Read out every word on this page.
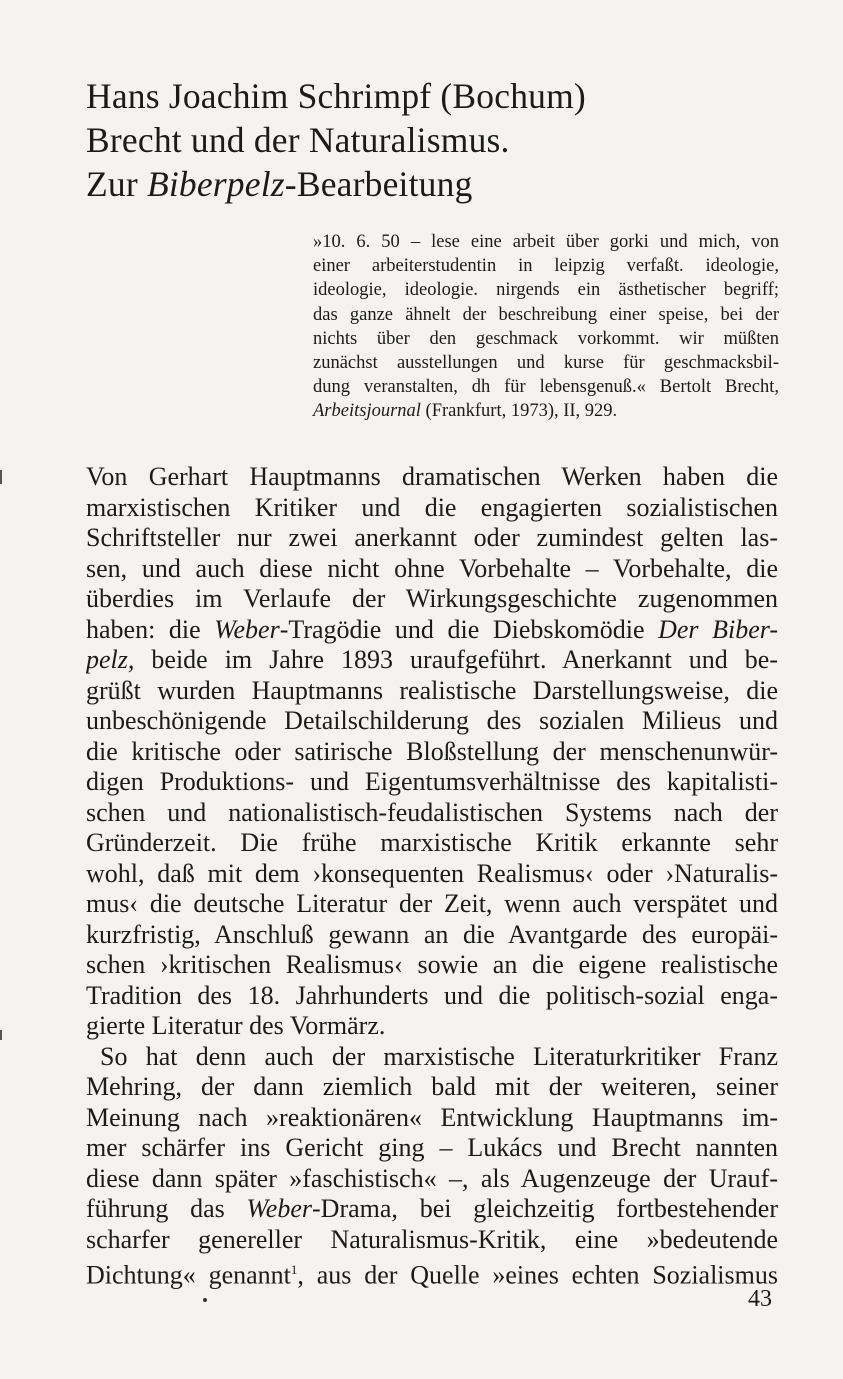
Hans Joachim Schrimpf (Bochum)
Brecht und der Naturalismus.
Zur Biberpelz-Bearbeitung
»10. 6. 50 – lese eine arbeit über gorki und mich, von
einer arbeiterstudentin in leipzig verfaßt. ideologie,
ideologie, ideologie. nirgends ein ästhetischer begriff;
das ganze ähnelt der beschreibung einer speise, bei der
nichts über den geschmack vorkommt. wir müßten
zunächst ausstellungen und kurse für geschmacksbil-
dung veranstalten, dh für lebensgenuß.« Bertolt Brecht,
Arbeitsjournal (Frankfurt, 1973), II, 929.
Von Gerhart Hauptmanns dramatischen Werken haben die
marxistischen Kritiker und die engagierten sozialistischen
Schriftsteller nur zwei anerkannt oder zumindest gelten las-
sen, und auch diese nicht ohne Vorbehalte – Vorbehalte, die
überdies im Verlaufe der Wirkungsgeschichte zugenommen
haben: die Weber-Tragödie und die Diebskomödie Der Biber-
pelz, beide im Jahre 1893 uraufgeführt. Anerkannt und be-
grüßt wurden Hauptmanns realistische Darstellungsweise, die
unbeschönigende Detailschilderung des sozialen Milieus und
die kritische oder satirische Bloßstellung der menschenunwür-
digen Produktions- und Eigentumsverhältnisse des kapitalisti-
schen und nationalistisch-feudalistischen Systems nach der
Gründerzeit. Die frühe marxistische Kritik erkannte sehr
wohl, daß mit dem ›konsequenten Realismus‹ oder ›Naturalis-
mus‹ die deutsche Literatur der Zeit, wenn auch verspätet und
kurzfristig, Anschluß gewann an die Avantgarde des europäi-
schen ›kritischen Realismus‹ sowie an die eigene realistische
Tradition des 18. Jahrhunderts und die politisch-sozial enga-
gierte Literatur des Vormärz.
So hat denn auch der marxistische Literaturkritiker Franz
Mehring, der dann ziemlich bald mit der weiteren, seiner
Meinung nach »reaktionären« Entwicklung Hauptmanns im-
mer schärfer ins Gericht ging – Lukács und Brecht nannten
diese dann später »faschistisch« –, als Augenzeuge der Urauf-
führung das Weber-Drama, bei gleichzeitig fortbestehender
scharfer genereller Naturalismus-Kritik, eine »bedeutende
Dichtung« genannt$^1$, aus der Quelle »eines echten Sozialismus
43
